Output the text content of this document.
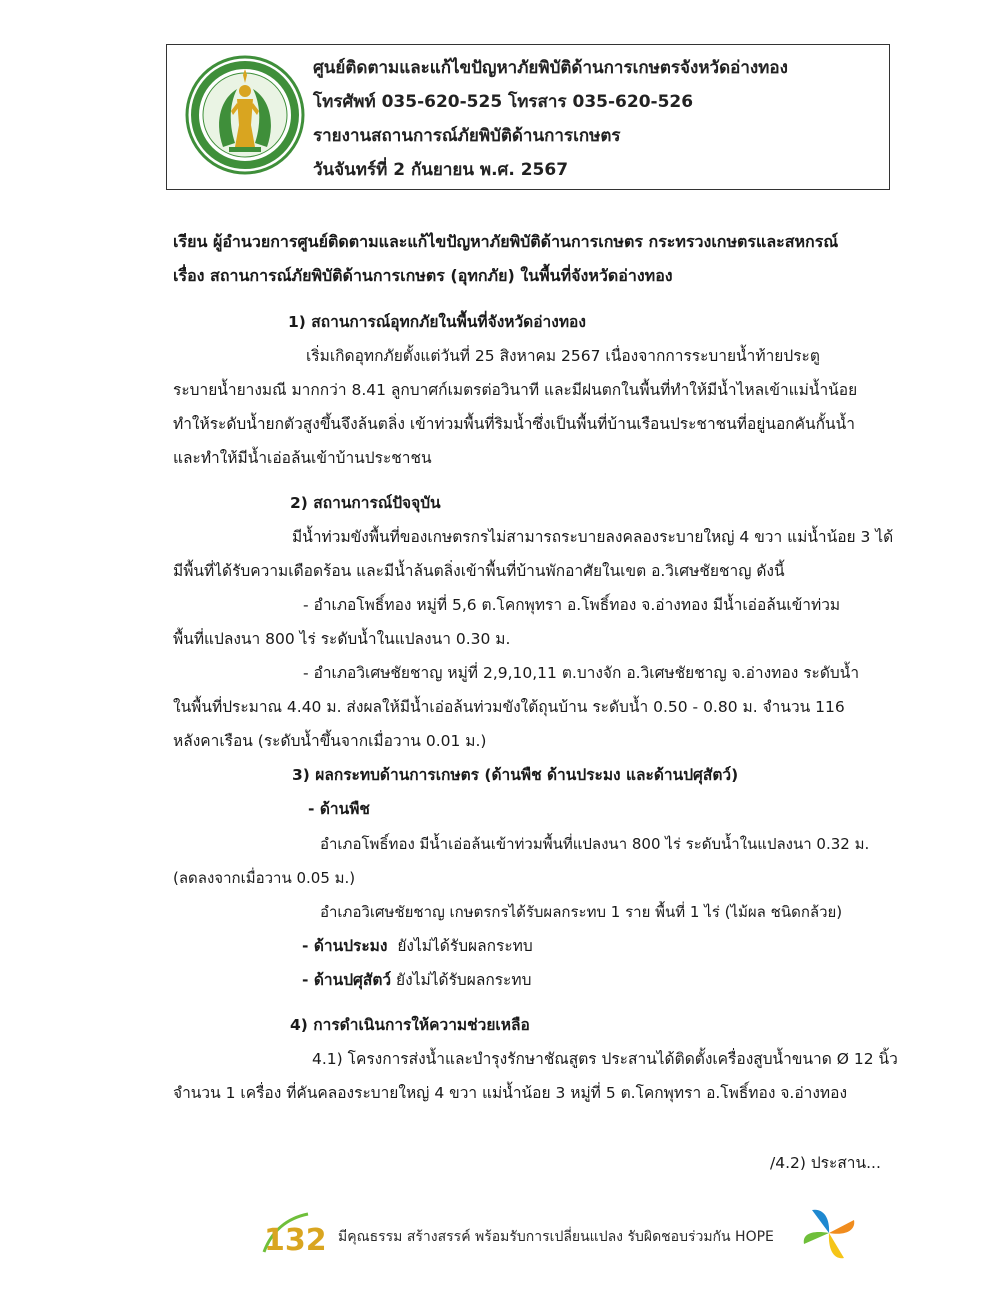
ศูนย์ติดตามและแก้ไขปัญหาภัยพิบัติด้านการเกษตรจังหวัดอ่างทอง
โทรศัพท์ 035-620-525 โทรสาร 035-620-526
รายงานสถานการณ์ภัยพิบัติด้านการเกษตร
วันจันทร์ที่ 2 กันยายน พ.ศ. 2567
เรียน ผู้อำนวยการศูนย์ติดตามและแก้ไขปัญหาภัยพิบัติด้านการเกษตร กระทรวงเกษตรและสหกรณ์
เรื่อง สถานการณ์ภัยพิบัติด้านการเกษตร (อุทกภัย) ในพื้นที่จังหวัดอ่างทอง
1) สถานการณ์อุทกภัยในพื้นที่จังหวัดอ่างทอง
เริ่มเกิดอุทกภัยตั้งแต่วันที่ 25 สิงหาคม 2567 เนื่องจากการระบายน้ำท้ายประตู
ระบายน้ำยางมณี มากกว่า 8.41 ลูกบาศก์เมตรต่อวินาที และมีฝนตกในพื้นที่ทำให้มีน้ำไหลเข้าแม่น้ำน้อย
ทำให้ระดับน้ำยกตัวสูงขึ้นจึงล้นตลิ่ง เข้าท่วมพื้นที่ริมน้ำซึ่งเป็นพื้นที่บ้านเรือนประชาชนที่อยู่นอกคันกั้นน้ำ
และทำให้มีน้ำเอ่อล้นเข้าบ้านประชาชน
2) สถานการณ์ปัจจุบัน
มีน้ำท่วมขังพื้นที่ของเกษตรกรไม่สามารถระบายลงคลองระบายใหญ่ 4 ขวา แม่น้ำน้อย 3 ได้
มีพื้นที่ได้รับความเดือดร้อน และมีน้ำล้นตลิ่งเข้าพื้นที่บ้านพักอาศัยในเขต อ.วิเศษชัยชาญ ดังนี้
- อำเภอโพธิ์ทอง หมู่ที่ 5,6 ต.โคกพุทรา อ.โพธิ์ทอง จ.อ่างทอง มีน้ำเอ่อล้นเข้าท่วม
พื้นที่แปลงนา 800 ไร่ ระดับน้ำในแปลงนา 0.30 ม.
- อำเภอวิเศษชัยชาญ หมู่ที่ 2,9,10,11 ต.บางจัก อ.วิเศษชัยชาญ จ.อ่างทอง ระดับน้ำ
ในพื้นที่ประมาณ 4.40 ม. ส่งผลให้มีน้ำเอ่อล้นท่วมขังใต้ถุนบ้าน ระดับน้ำ 0.50 - 0.80 ม. จำนวน 116
หลังคาเรือน (ระดับน้ำขึ้นจากเมื่อวาน 0.01 ม.)
3) ผลกระทบด้านการเกษตร (ด้านพืช ด้านประมง และด้านปศุสัตว์)
- ด้านพืช
อำเภอโพธิ์ทอง มีน้ำเอ่อล้นเข้าท่วมพื้นที่แปลงนา 800 ไร่ ระดับน้ำในแปลงนา 0.32 ม.
(ลดลงจากเมื่อวาน 0.05 ม.)
อำเภอวิเศษชัยชาญ เกษตรกรได้รับผลกระทบ 1 ราย พื้นที่ 1 ไร่ (ไม้ผล ชนิดกล้วย)
- ด้านประมง ยังไม่ได้รับผลกระทบ
- ด้านปศุสัตว์ ยังไม่ได้รับผลกระทบ
4) การดำเนินการให้ความช่วยเหลือ
4.1) โครงการส่งน้ำและบำรุงรักษาชัณสูตร ประสานได้ติดตั้งเครื่องสูบน้ำขนาด Ø 12 นิ้ว
จำนวน 1 เครื่อง ที่คันคลองระบายใหญ่ 4 ขวา แม่น้ำน้อย 3 หมู่ที่ 5 ต.โคกพุทรา อ.โพธิ์ทอง จ.อ่างทอง
/4.2) ประสาน...
132 มีคุณธรรม สร้างสรรค์ พร้อมรับการเปลี่ยนแปลง รับผิดชอบร่วมกัน HOPE
